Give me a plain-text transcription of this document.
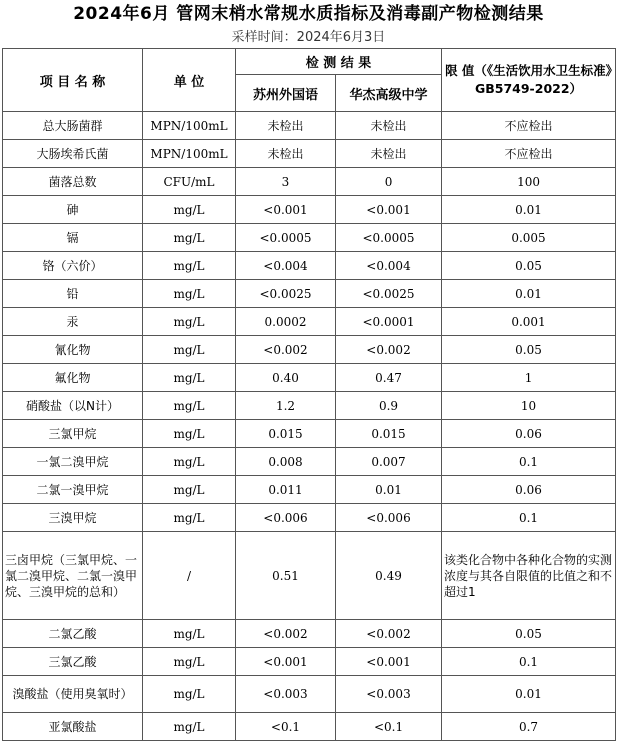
2024年6月 管网末梢水常规水质指标及消毒副产物检测结果
采样时间：2024年6月3日
项 目 名 称	单 位	检 测 结 果		限 值（《生活饮用水卫生标准》GB5749-2022）
		苏州外国语	华杰高级中学	
总大肠菌群	MPN/100mL	未检出	未检出	不应检出
大肠埃希氏菌	MPN/100mL	未检出	未检出	不应检出
菌落总数	CFU/mL	3	0	100
砷	mg/L	<0.001	<0.001	0.01
镉	mg/L	<0.0005	<0.0005	0.005
铬（六价）	mg/L	<0.004	<0.004	0.05
铅	mg/L	<0.0025	<0.0025	0.01
汞	mg/L	0.0002	<0.0001	0.001
氰化物	mg/L	<0.002	<0.002	0.05
氟化物	mg/L	0.40	0.47	1
硝酸盐（以N计）	mg/L	1.2	0.9	10
三氯甲烷	mg/L	0.015	0.015	0.06
一氯二溴甲烷	mg/L	0.008	0.007	0.1
二氯一溴甲烷	mg/L	0.011	0.01	0.06
三溴甲烷	mg/L	<0.006	<0.006	0.1
三卤甲烷（三氯甲烷、一氯二溴甲烷、二氯一溴甲烷、三溴甲烷的总和）	/	0.51	0.49	该类化合物中各种化合物的实测浓度与其各自限值的比值之和不超过1
二氯乙酸	mg/L	<0.002	<0.002	0.05
三氯乙酸	mg/L	<0.001	<0.001	0.1
溴酸盐（使用臭氧时）	mg/L	<0.003	<0.003	0.01
亚氯酸盐	mg/L	<0.1	<0.1	0.7
